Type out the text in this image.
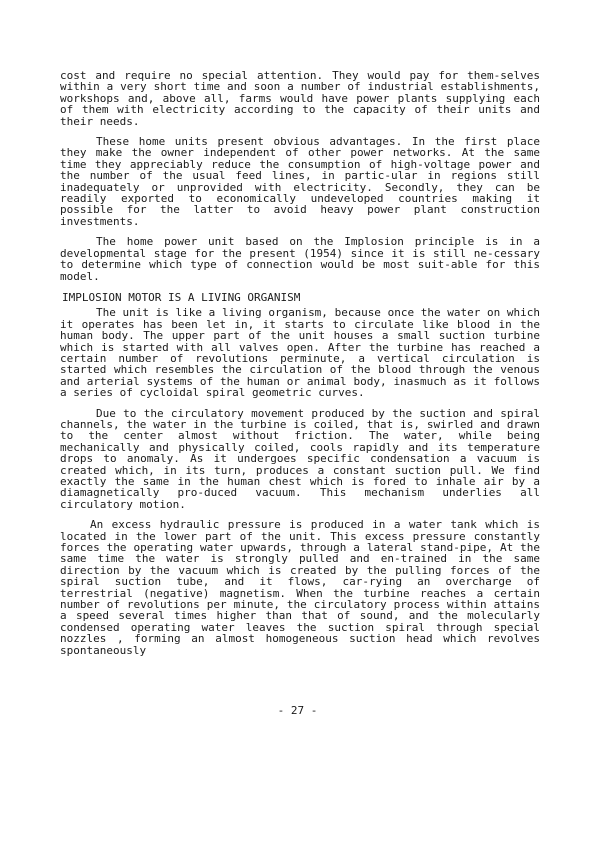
cost and require no special attention. They would pay for them-selves within a very short time and soon a number of industrial establishments, workshops and, above all, farms would have power plants supplying each of them with electricity according to the capacity of their units and their needs.

These home units present obvious advantages. In the first place they make the owner independent of other power networks. At the same time they appreciably reduce the consumption of high-voltage power and the number of the usual feed lines, in partic-ular in regions still inadequately or unprovided with electricity. Secondly, they can be readily exported to economically undeveloped countries making it possible for the latter to avoid heavy power plant construction investments.

The home power unit based on the Implosion principle is in a developmental stage for the present (1954) since it is still ne-cessary to determine which type of connection would be most suit-able for this model.

IMPLOSION MOTOR IS A LIVING ORGANISM

The unit is like a living organism, because once the water on which it operates has been let in, it starts to circulate like blood in the human body. The upper part of the unit houses a small suction turbine which is started with all valves open. After the turbine has reached a certain number of revolutions perminute, a vertical circulation is started which resembles the circulation of the blood through the venous and arterial systems of the human or animal body, inasmuch as it follows a series of cycloidal spiral geometric curves.

Due to the circulatory movement produced by the suction and spiral channels, the water in the turbine is coiled, that is, swirled and drawn to the center almost without friction. The water, while being mechanically and physically coiled, cools rapidly and its temperature drops to anomaly. As it undergoes specific condensation a vacuum is created which, in its turn, produces a constant suction pull. We find exactly the same in the human chest which is fored to inhale air by a diamagnetically pro-duced vacuum. This mechanism underlies all circulatory motion.

An excess hydraulic pressure is produced in a water tank which is located in the lower part of the unit. This excess pressure constantly forces the operating water upwards, through a lateral stand-pipe, At the same time the water is strongly pulled and en-trained in the same direction by the vacuum which is created by the pulling forces of the spiral suction tube, and it flows, car-rying an overcharge of terrestrial (negative) magnetism. When the turbine reaches a certain number of revolutions per minute, the circulatory process within attains a speed several times higher than that of sound, and the molecularly condensed operating water leaves the suction spiral through special nozzles , forming an almost homogeneous suction head which revolves spontaneously

- 27 -
